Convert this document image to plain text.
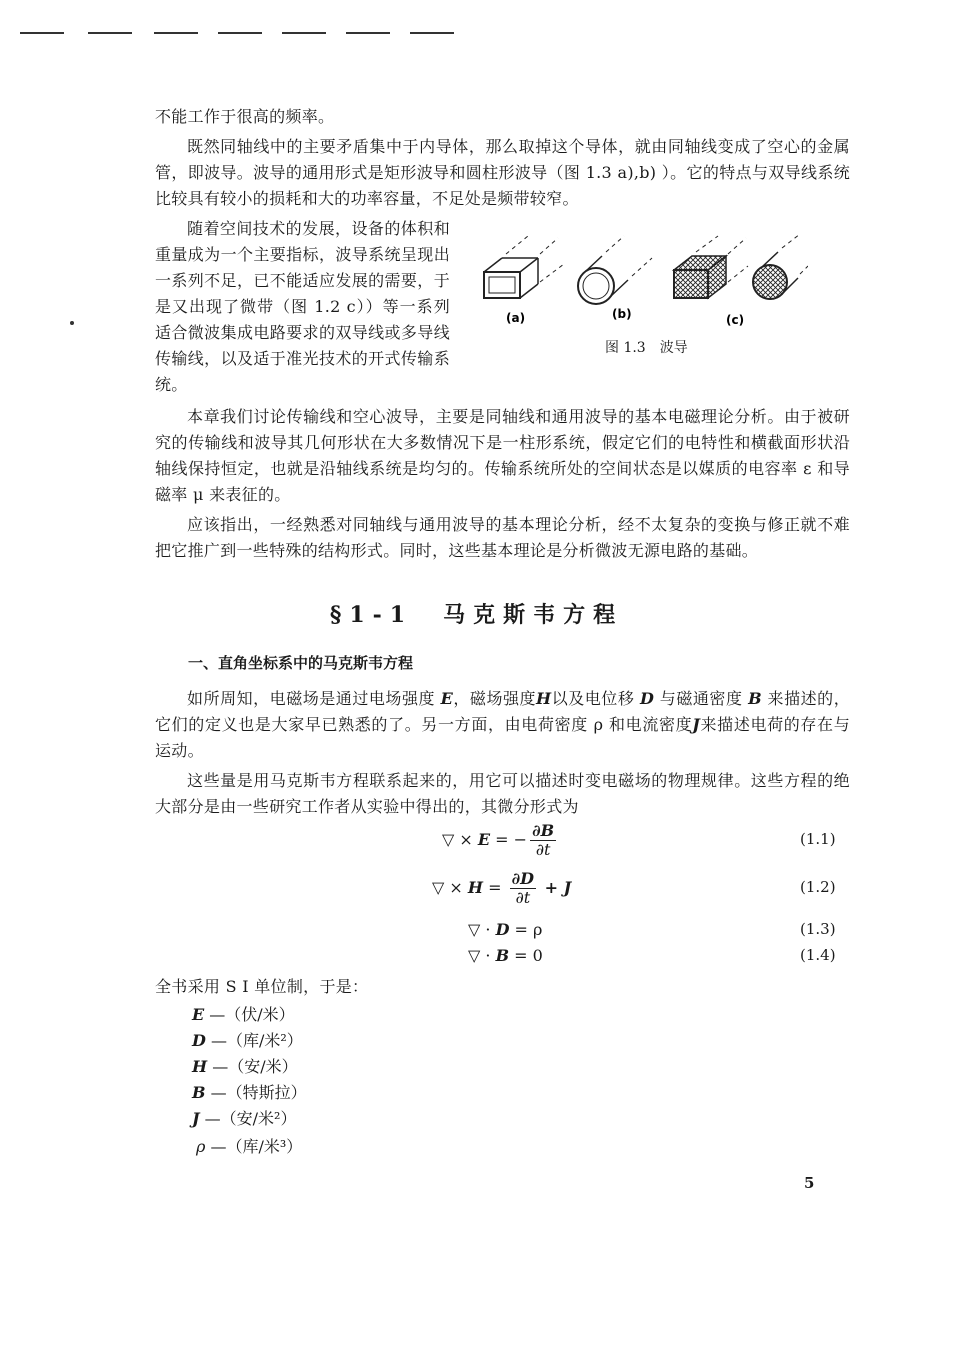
不能工作于很高的频率。

既然同轴线中的主要矛盾集中于内导体，那么取掉这个导体，就由同轴线变成了空心的金属管，即波导。波导的通用形式是矩形波导和圆柱形波导（图 1.3 a),b) ）。它的特点与双导线系统比较具有较小的损耗和大的功率容量，不足处是频带较窄。

随着空间技术的发展，设备的体积和重量成为一个主要指标，波导系统呈现出一系列不足，已不能适应发展的需要，于是又出现了微带（图 1.2 c））等一系列适合微波集成电路要求的双导线或多导线传输线，以及适于准光技术的开式传输系统。

(a)	(b)	(c)

图 1.3　波导

本章我们讨论传输线和空心波导，主要是同轴线和通用波导的基本电磁理论分析。由于被研究的传输线和波导其几何形状在大多数情况下是一柱形系统，假定它们的电特性和横截面形状沿轴线保持恒定，也就是沿轴线系统是均匀的。传输系统所处的空间状态是以媒质的电容率 ε 和导磁率 μ 来表征的。

应该指出，一经熟悉对同轴线与通用波导的基本理论分析，经不太复杂的变换与修正就不难把它推广到一些特殊的结构形式。同时，这些基本理论是分析微波无源电路的基础。

§1-1　马克斯韦方程
一、直角坐标系中的马克斯韦方程

如所周知，电磁场是通过电场强度 E，磁场强度H以及电位移 D 与磁通密度 B 来描述的，它们的定义也是大家早已熟悉的了。另一方面，由电荷密度 ρ 和电流密度J来描述电荷的存在与运动。

这些量是用马克斯韦方程联系起来的，用它可以描述时变电磁场的物理规律。这些方程的绝大部分是由一些研究工作者从实验中得出的，其微分形式为

▽ × E = − $\frac{\partial B}{\partial t}$	(1.1)
▽ × $H = \frac{\partial D}{\partial t} + J$	(1.2)
▽ · D = ρ	(1.3)
▽ · B = 0	(1.4)

全书采用 S I 单位制，于是：

E —（伏/米）
D —（库/米²）
H —（安/米）
B —（特斯拉）
J —（安/米²）
ρ —（库/米³）
5
